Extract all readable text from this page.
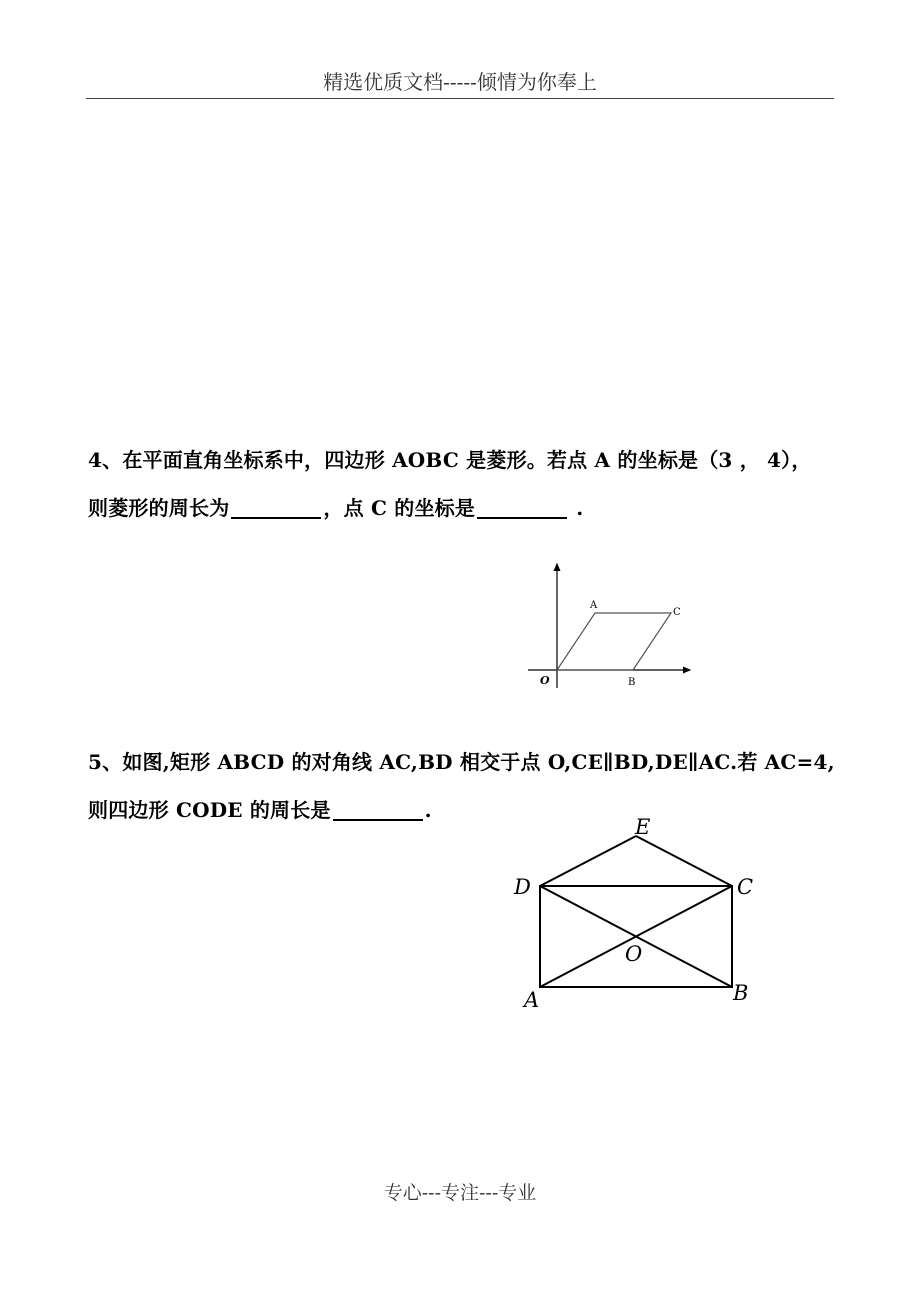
精选优质文档-----倾情为你奉上
4、在平面直角坐标系中，四边形 AOBC 是菱形。若点 A 的坐标是（3 ， 4），
则菱形的周长为	，点 C 的坐标是	.
A
C
O	B
5、如图,矩形 ABCD 的对角线 AC,BD 相交于点 O,CE∥BD,DE∥AC.若 AC=4,
则四边形 CODE 的周长是	.
E
D	C
O
A	B
专心---专注---专业
